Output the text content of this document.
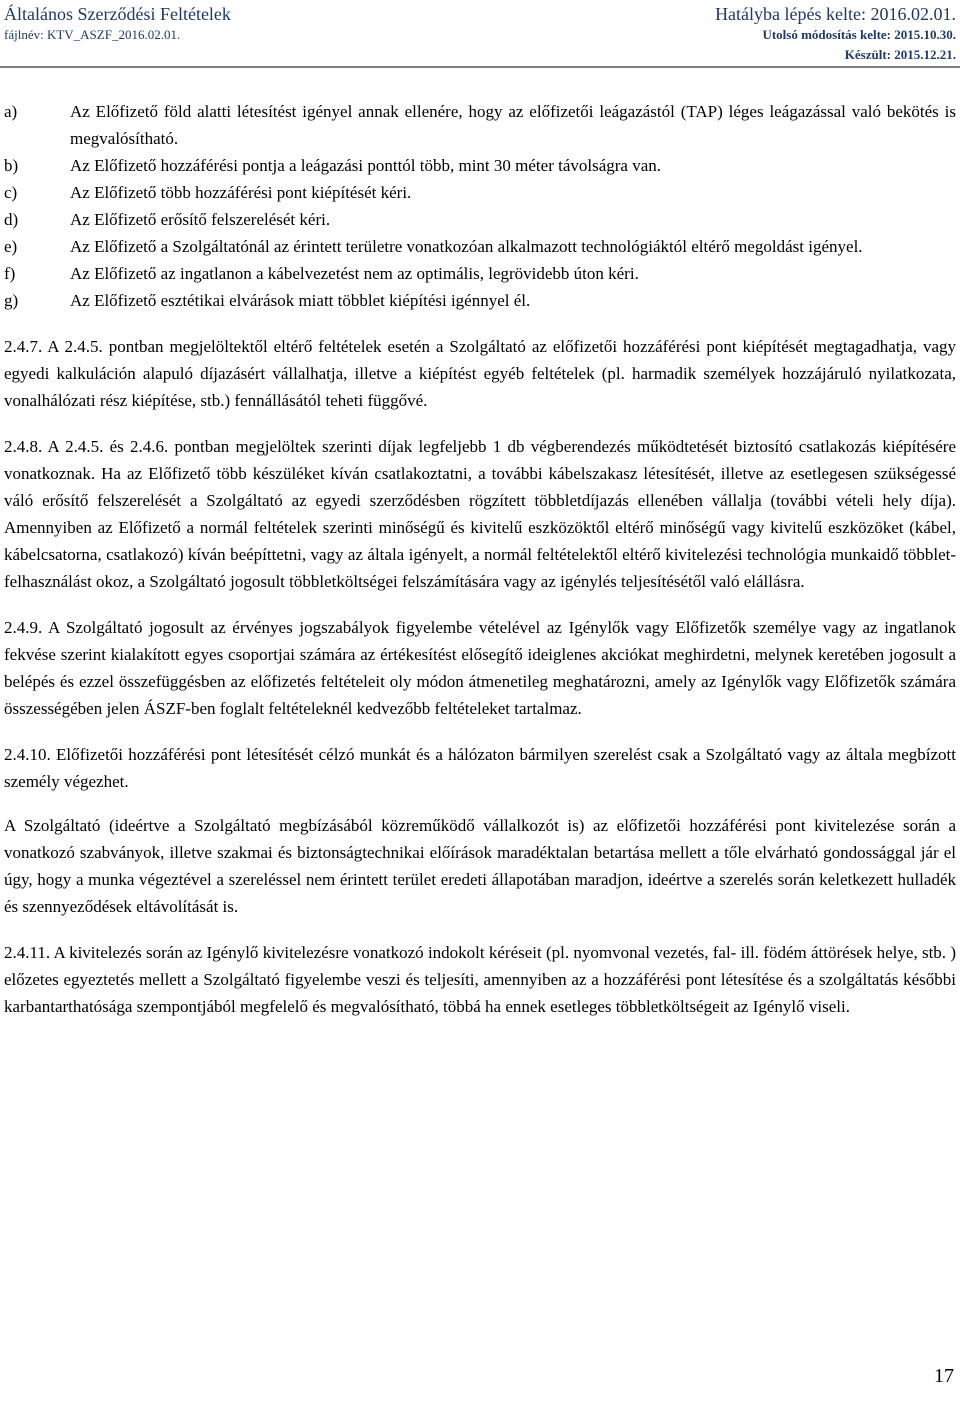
Általános Szerződési Feltételek
fájlnév: KTV_ASZF_2016.02.01.
Hatályba lépés kelte: 2016.02.01.
Utolsó módosítás kelte: 2015.10.30.
Készült: 2015.12.21.
a)	Az Előfizető föld alatti létesítést igényel annak ellenére, hogy az előfizetői leágazástól (TAP) léges leágazással való bekötés is megvalósítható.
b)	Az Előfizető hozzáférési pontja a leágazási ponttól több, mint 30 méter távolságra van.
c)	Az Előfizető több hozzáférési pont kiépítését kéri.
d)	Az Előfizető erősítő felszerelését kéri.
e)	Az Előfizető a Szolgáltatónál az érintett területre vonatkozóan alkalmazott technológiáktól eltérő megoldást igényel.
f)	Az Előfizető az ingatlanon a kábelvezetést nem az optimális, legrövidebb úton kéri.
g)	Az Előfizető esztétikai elvárások miatt többlet kiépítési igénnyel él.

2.4.7. A 2.4.5. pontban megjelöltektől eltérő feltételek esetén a Szolgáltató az előfizetői hozzáférési pont kiépítését megtagadhatja, vagy egyedi kalkuláción alapuló díjazásért vállalhatja, illetve a kiépítést egyéb feltételek (pl. harmadik személyek hozzájáruló nyilatkozata, vonalhálózati rész kiépítése, stb.) fennállásától teheti függővé.

2.4.8. A 2.4.5. és 2.4.6. pontban megjelöltek szerinti díjak legfeljebb 1 db végberendezés működtetését biztosító csatlakozás kiépítésére vonatkoznak. Ha az Előfizető több készüléket kíván csatlakoztatni, a további kábelszakasz létesítését, illetve az esetlegesen szükségessé váló erősítő felszerelését a Szolgáltató az egyedi szerződésben rögzített többletdíjazás ellenében vállalja (további vételi hely díja). Amennyiben az Előfizető a normál feltételek szerinti minőségű és kivitelű eszközöktől eltérő minőségű vagy kivitelű eszközöket (kábel, kábelcsatorna, csatlakozó) kíván beépíttetni, vagy az általa igényelt, a normál feltételektől eltérő kivitelezési technológia munkaidő többlet-felhasználást okoz, a Szolgáltató jogosult többletköltségei felszámítására vagy az igénylés teljesítésétől való elállásra.

2.4.9. A Szolgáltató jogosult az érvényes jogszabályok figyelembe vételével az Igénylők vagy Előfizetők személye vagy az ingatlanok fekvése szerint kialakított egyes csoportjai számára az értékesítést elősegítő ideiglenes akciókat meghirdetni, melynek keretében jogosult a belépés és ezzel összefüggésben az előfizetés feltételeit oly módon átmenetileg meghatározni, amely az Igénylők vagy Előfizetők számára összességében jelen ÁSZF-ben foglalt feltételeknél kedvezőbb feltételeket tartalmaz.

2.4.10. Előfizetői hozzáférési pont létesítését célzó munkát és a hálózaton bármilyen szerelést csak a Szolgáltató vagy az általa megbízott személy végezhet.

A Szolgáltató (ideértve a Szolgáltató megbízásából közreműködő vállalkozót is) az előfizetői hozzáférési pont kivitelezése során a vonatkozó szabványok, illetve szakmai és biztonságtechnikai előírások maradéktalan betartása mellett a tőle elvárható gondossággal jár el úgy, hogy a munka végeztével a szereléssel nem érintett terület eredeti állapotában maradjon, ideértve a szerelés során keletkezett hulladék és szennyeződések eltávolítását is.

2.4.11. A kivitelezés során az Igénylő kivitelezésre vonatkozó indokolt kéréseit (pl. nyomvonal vezetés, fal- ill. födém áttörések helye, stb. ) előzetes egyeztetés mellett a Szolgáltató figyelembe veszi és teljesíti, amennyiben az a hozzáférési pont létesítése és a szolgáltatás későbbi karbantarthatósága szempontjából megfelelő és megvalósítható, többá ha ennek esetleges többletköltségeit az Igénylő viseli.

17
